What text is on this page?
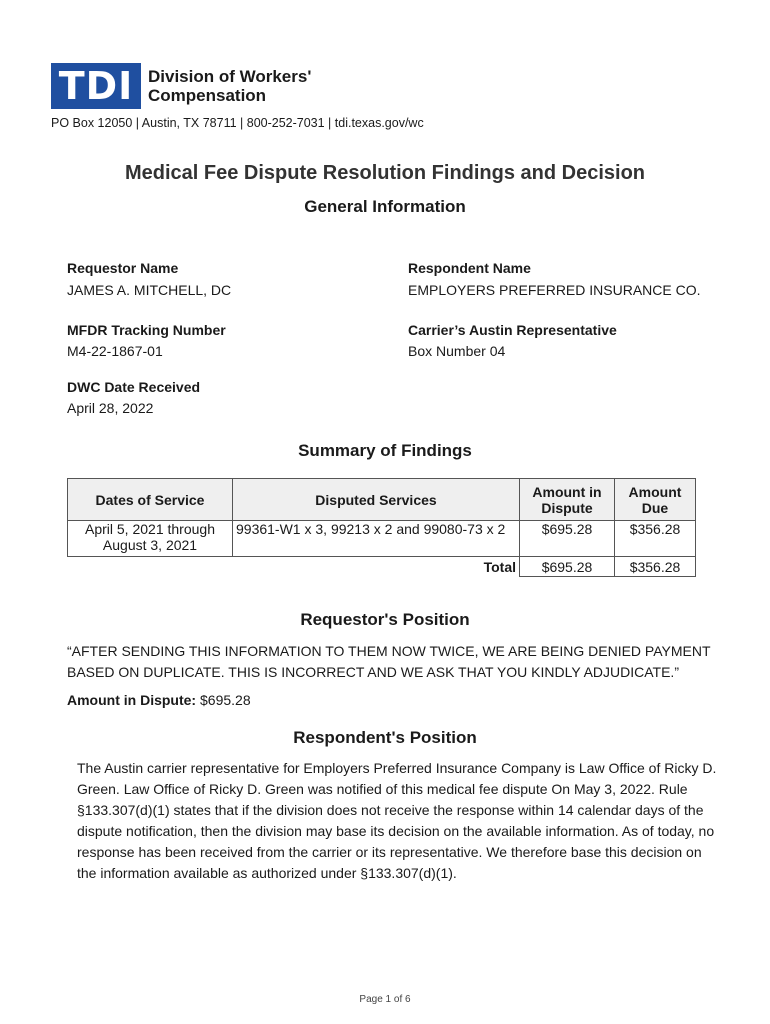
TDI Division of Workers'
Compensation
PO Box 12050 | Austin, TX 78711 | 800-252-7031 | tdi.texas.gov/wc
Medical Fee Dispute Resolution Findings and Decision
General Information
Requestor Name
JAMES A. MITCHELL, DC
Respondent Name
EMPLOYERS PREFERRED INSURANCE CO.
MFDR Tracking Number
M4-22-1867-01
Carrier’s Austin Representative
Box Number 04
DWC Date Received
April 28, 2022
Summary of Findings
Dates of Service	Disputed Services	Amount in Dispute	Amount Due
April 5, 2021 through August 3, 2021	99361-W1 x 3, 99213 x 2 and 99080-73 x 2	$695.28	$356.28
Total		$695.28	$356.28
Requestor's Position
“AFTER SENDING THIS INFORMATION TO THEM NOW TWICE, WE ARE BEING DENIED PAYMENT BASED ON DUPLICATE. THIS IS INCORRECT AND WE ASK THAT YOU KINDLY ADJUDICATE.”
Amount in Dispute: $695.28
Respondent's Position
The Austin carrier representative for Employers Preferred Insurance Company is Law Office of Ricky D. Green. Law Office of Ricky D. Green was notified of this medical fee dispute On May 3, 2022. Rule §133.307(d)(1) states that if the division does not receive the response within 14 calendar days of the dispute notification, then the division may base its decision on the available information. As of today, no response has been received from the carrier or its representative. We therefore base this decision on the information available as authorized under §133.307(d)(1).
Page 1 of 6
